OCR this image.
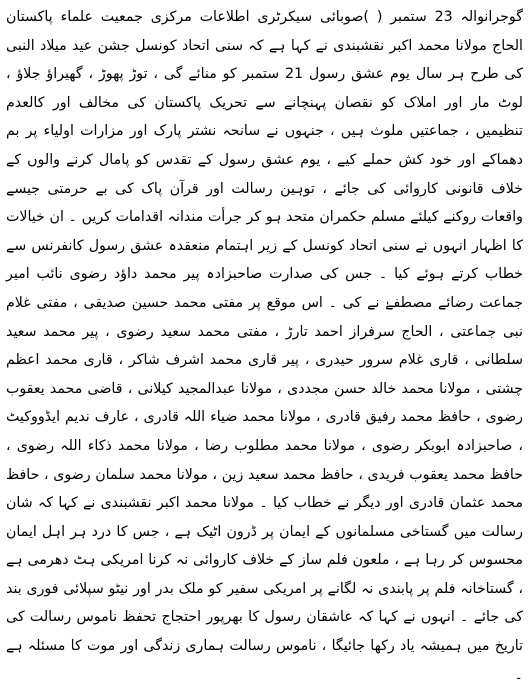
گوجرانوالہ 23 ستمبر ( )صوبائی سیکرٹری اطلاعات مرکزی جمعیت علماء پاکستان الحاج مولانا محمد اکبر نقشبندی نے کہا ہے کہ سنی اتحاد کونسل جشن عید میلاد النبی کی طرح ہر سال یوم عشق رسول 21 ستمبر کو منائے گی ، توڑ پھوڑ ، گھیراؤ جلاؤ ، لوٹ مار اور املاک کو نقصان پہنچانے سے تحریک پاکستان کی مخالف اور کالعدم تنظیمیں ، جماعتیں ملوث ہیں ، جنہوں نے سانحہ نشتر پارک اور مزارات اولیاء پر بم دھماکے اور خود کش حملے کیے ، یوم عشق رسول کے تقدس کو پامال کرنے والوں کے خلاف قانونی کاروائی کی جائے ، توہین رسالت اور قرآن پاک کی بے حرمتی جیسے واقعات روکنے کیلئے مسلم حکمران متحد ہو کر جرأت مندانہ اقدامات کریں ۔ ان خیالات کا اظہار انہوں نے سنی اتحاد کونسل کے زیر اہتمام منعقدہ عشق رسول کانفرنس سے خطاب کرتے ہوئے کیا ۔ جس کی صدارت صاحبزادہ پیر محمد داؤد رضوی نائب امیر جماعت رضائے مصطفےٰ نے کی ۔ اس موقع پر مفتی محمد حسین صدیقی ، مفتی غلام نبی جماعتی ، الحاج سرفراز احمد تارڑ ، مفتی محمد سعید رضوی ، پیر محمد سعید سلطانی ، قاری غلام سرور حیدری ، پیر قاری محمد اشرف شاکر ، قاری محمد اعظم چشتی ، مولانا محمد خالد حسن مجددی ، مولانا عبدالمجید کیلانی ، قاضی محمد یعقوب رضوی ، حافظ محمد رفیق قادری ، مولانا محمد ضیاء اللہ قادری ، عارف ندیم ایڈووکیٹ ، صاحبزادہ ابوبکر رضوی ، مولانا محمد مطلوب رضا ، مولانا محمد ذکاء اللہ رضوی ، حافظ محمد یعقوب فریدی ، حافظ محمد سعید زین ، مولانا محمد سلمان رضوی ، حافظ محمد عثمان قادری اور دیگر نے خطاب کیا ۔ مولانا محمد اکبر نقشبندی نے کہا کہ شان رسالت میں گستاخی مسلمانوں کے ایمان پر ڈرون اٹیک ہے ، جس کا درد ہر اہل ایمان محسوس کر رہا ہے ، ملعون فلم ساز کے خلاف کاروائی نہ کرنا امریکی ہٹ دھرمی ہے ، گستاخانہ فلم پر پابندی نہ لگانے پر امریکی سفیر کو ملک بدر اور نیٹو سپلائی فوری بند کی جائے ۔ انہوں نے کہا کہ عاشقان رسول کا بھرپور احتجاج تحفظ ناموس رسالت کی تاریخ میں ہمیشہ یاد رکھا جائیگا ، ناموس رسالت ہماری زندگی اور موت کا مسئلہ ہے ۔
